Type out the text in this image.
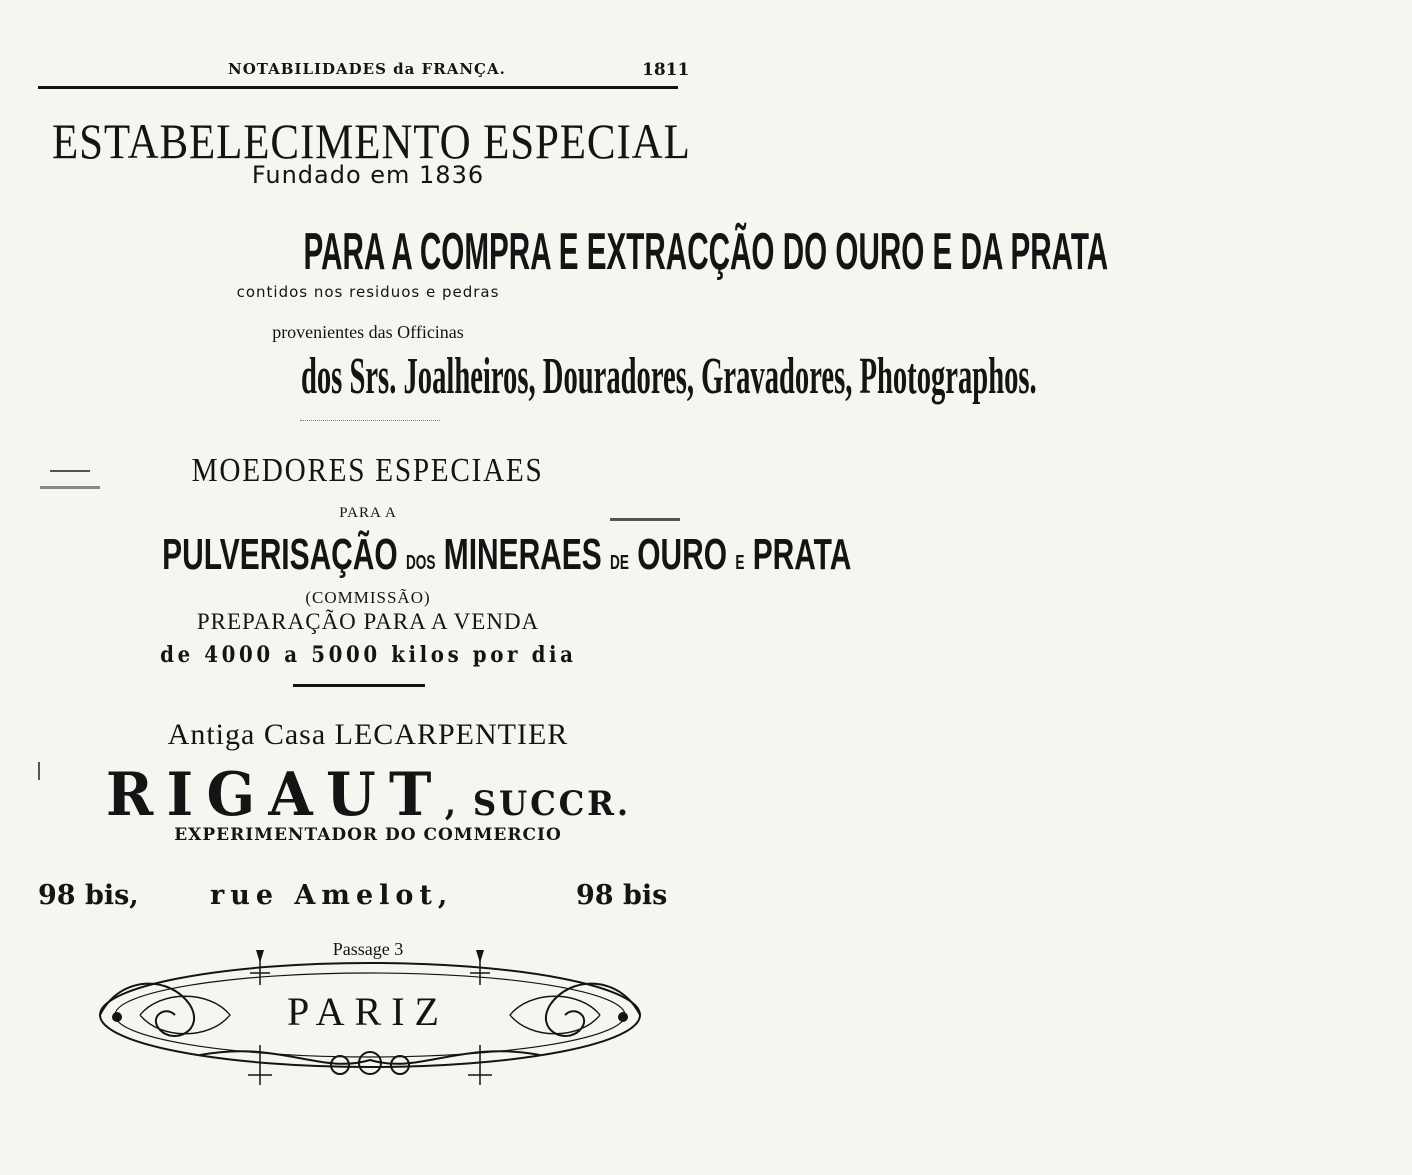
NOTABILIDADES da FRANÇA.	1811
ESTABELECIMENTO ESPECIAL
Fundado em 1836
PARA A COMPRA E EXTRACÇÃO DO OURO E DA PRATA
contidos nos residuos e pedras
provenientes das Officinas
dos Srs. Joalheiros, Douradores, Gravadores, Photographos.
MOEDORES ESPECIAES
PARA A
PULVERISAÇÃO DOS MINERAES DE OURO E PRATA
(COMMISSÃO)
PREPARAÇÃO PARA A VENDA
de 4000 a 5000 kilos por dia
Antiga Casa LECARPENTIER
RIGAUT, SUCCR.
EXPERIMENTADOR DO COMMERCIO
98 bis,	rue Amelot,	98 bis
Passage 3
PARIZ
